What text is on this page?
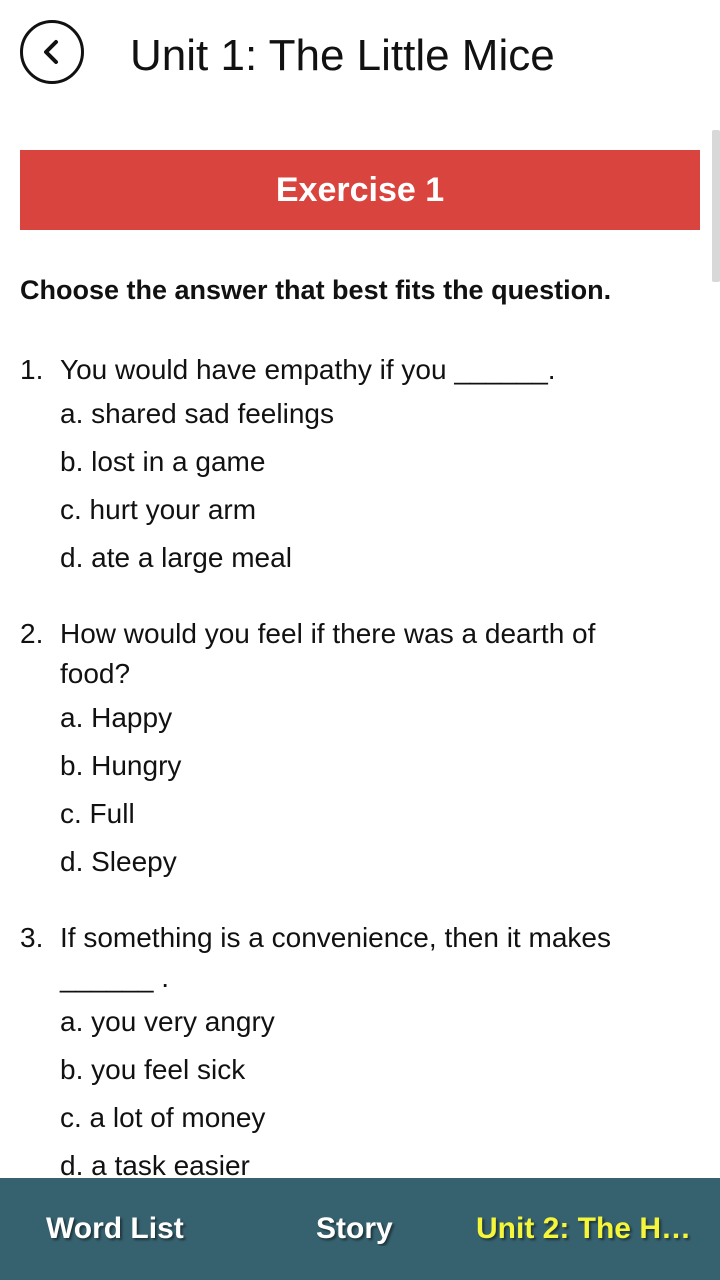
Unit 1: The Little Mice
Exercise 1
Choose the answer that best fits the question.
1. You would have empathy if you ______.
a. shared sad feelings
b. lost in a game
c. hurt your arm
d. ate a large meal
2. How would you feel if there was a dearth of food?
a. Happy
b. Hungry
c. Full
d. Sleepy
3. If something is a convenience, then it makes ______ .
a. you very angry
b. you feel sick
c. a lot of money
d. a task easier
Word List	Story	Unit 2: The H…
